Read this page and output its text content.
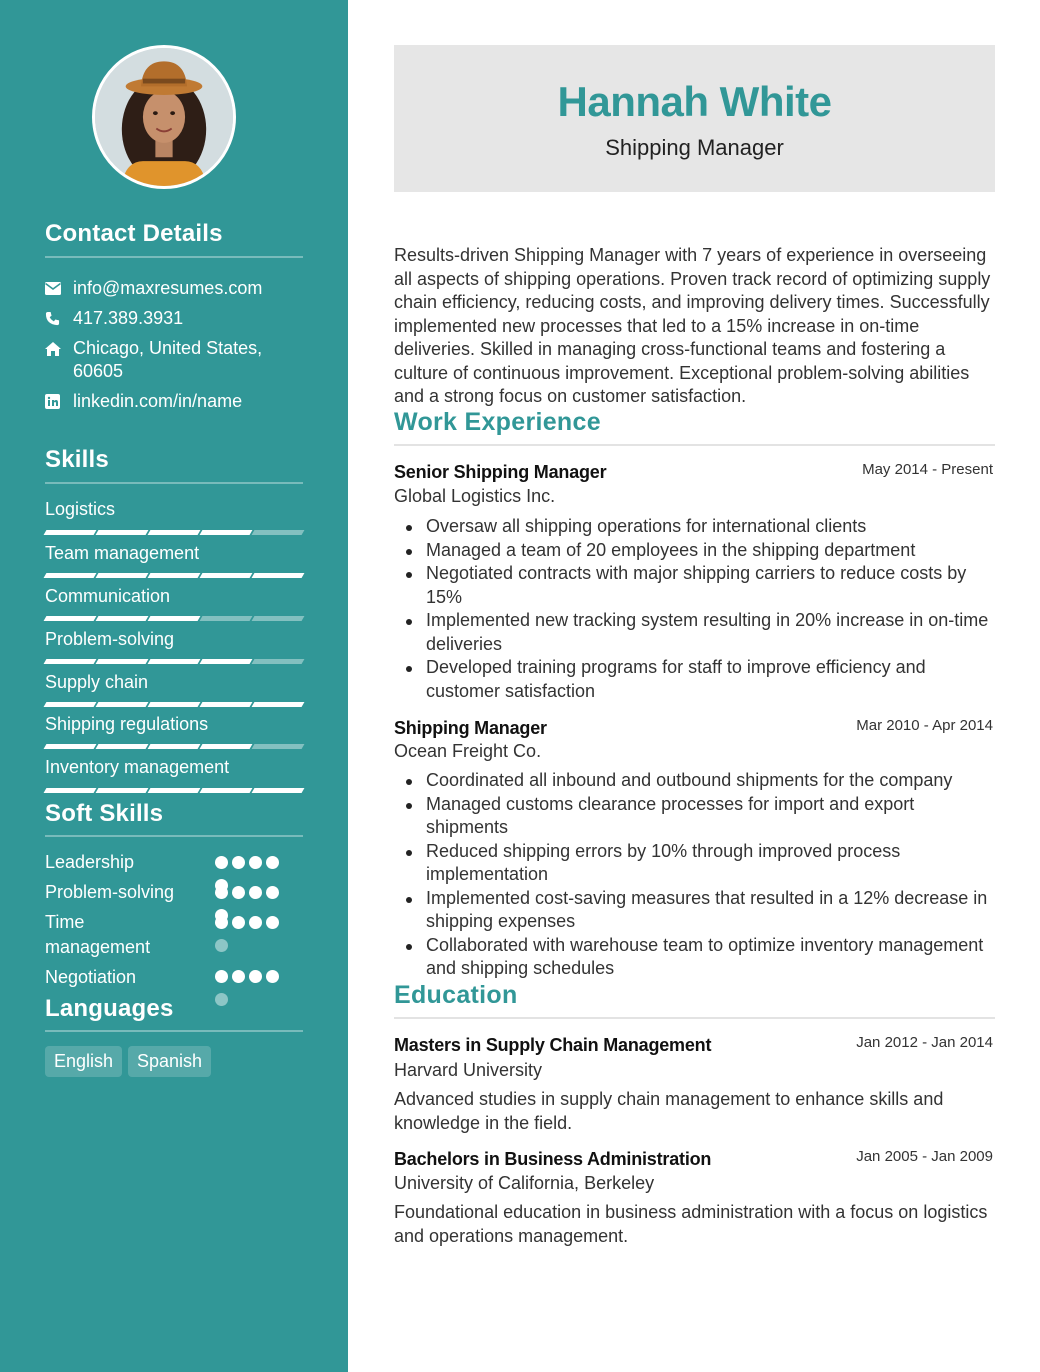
Contact Details
info@maxresumes.com
417.389.3931
Chicago, United States, 60605
linkedin.com/in/name
Skills
Logistics
Team management
Communication
Problem-solving
Supply chain
Shipping regulations
Inventory management
Soft Skills
Leadership
Problem-solving
Time management
Negotiation
Languages
English	Spanish
Hannah White
Shipping Manager
Results-driven Shipping Manager with 7 years of experience in overseeing all aspects of shipping operations. Proven track record of optimizing supply chain efficiency, reducing costs, and improving delivery times. Successfully implemented new processes that led to a 15% increase in on-time deliveries. Skilled in managing cross-functional teams and fostering a culture of continuous improvement. Exceptional problem-solving abilities and a strong focus on customer satisfaction.
Work Experience
Senior Shipping Manager	May 2014 - Present
Global Logistics Inc.
Oversaw all shipping operations for international clients
Managed a team of 20 employees in the shipping department
Negotiated contracts with major shipping carriers to reduce costs by 15%
Implemented new tracking system resulting in 20% increase in on-time deliveries
Developed training programs for staff to improve efficiency and customer satisfaction
Shipping Manager	Mar 2010 - Apr 2014
Ocean Freight Co.
Coordinated all inbound and outbound shipments for the company
Managed customs clearance processes for import and export shipments
Reduced shipping errors by 10% through improved process implementation
Implemented cost-saving measures that resulted in a 12% decrease in shipping expenses
Collaborated with warehouse team to optimize inventory management and shipping schedules
Education
Masters in Supply Chain Management	Jan 2012 - Jan 2014
Harvard University
Advanced studies in supply chain management to enhance skills and knowledge in the field.
Bachelors in Business Administration	Jan 2005 - Jan 2009
University of California, Berkeley
Foundational education in business administration with a focus on logistics and operations management.
